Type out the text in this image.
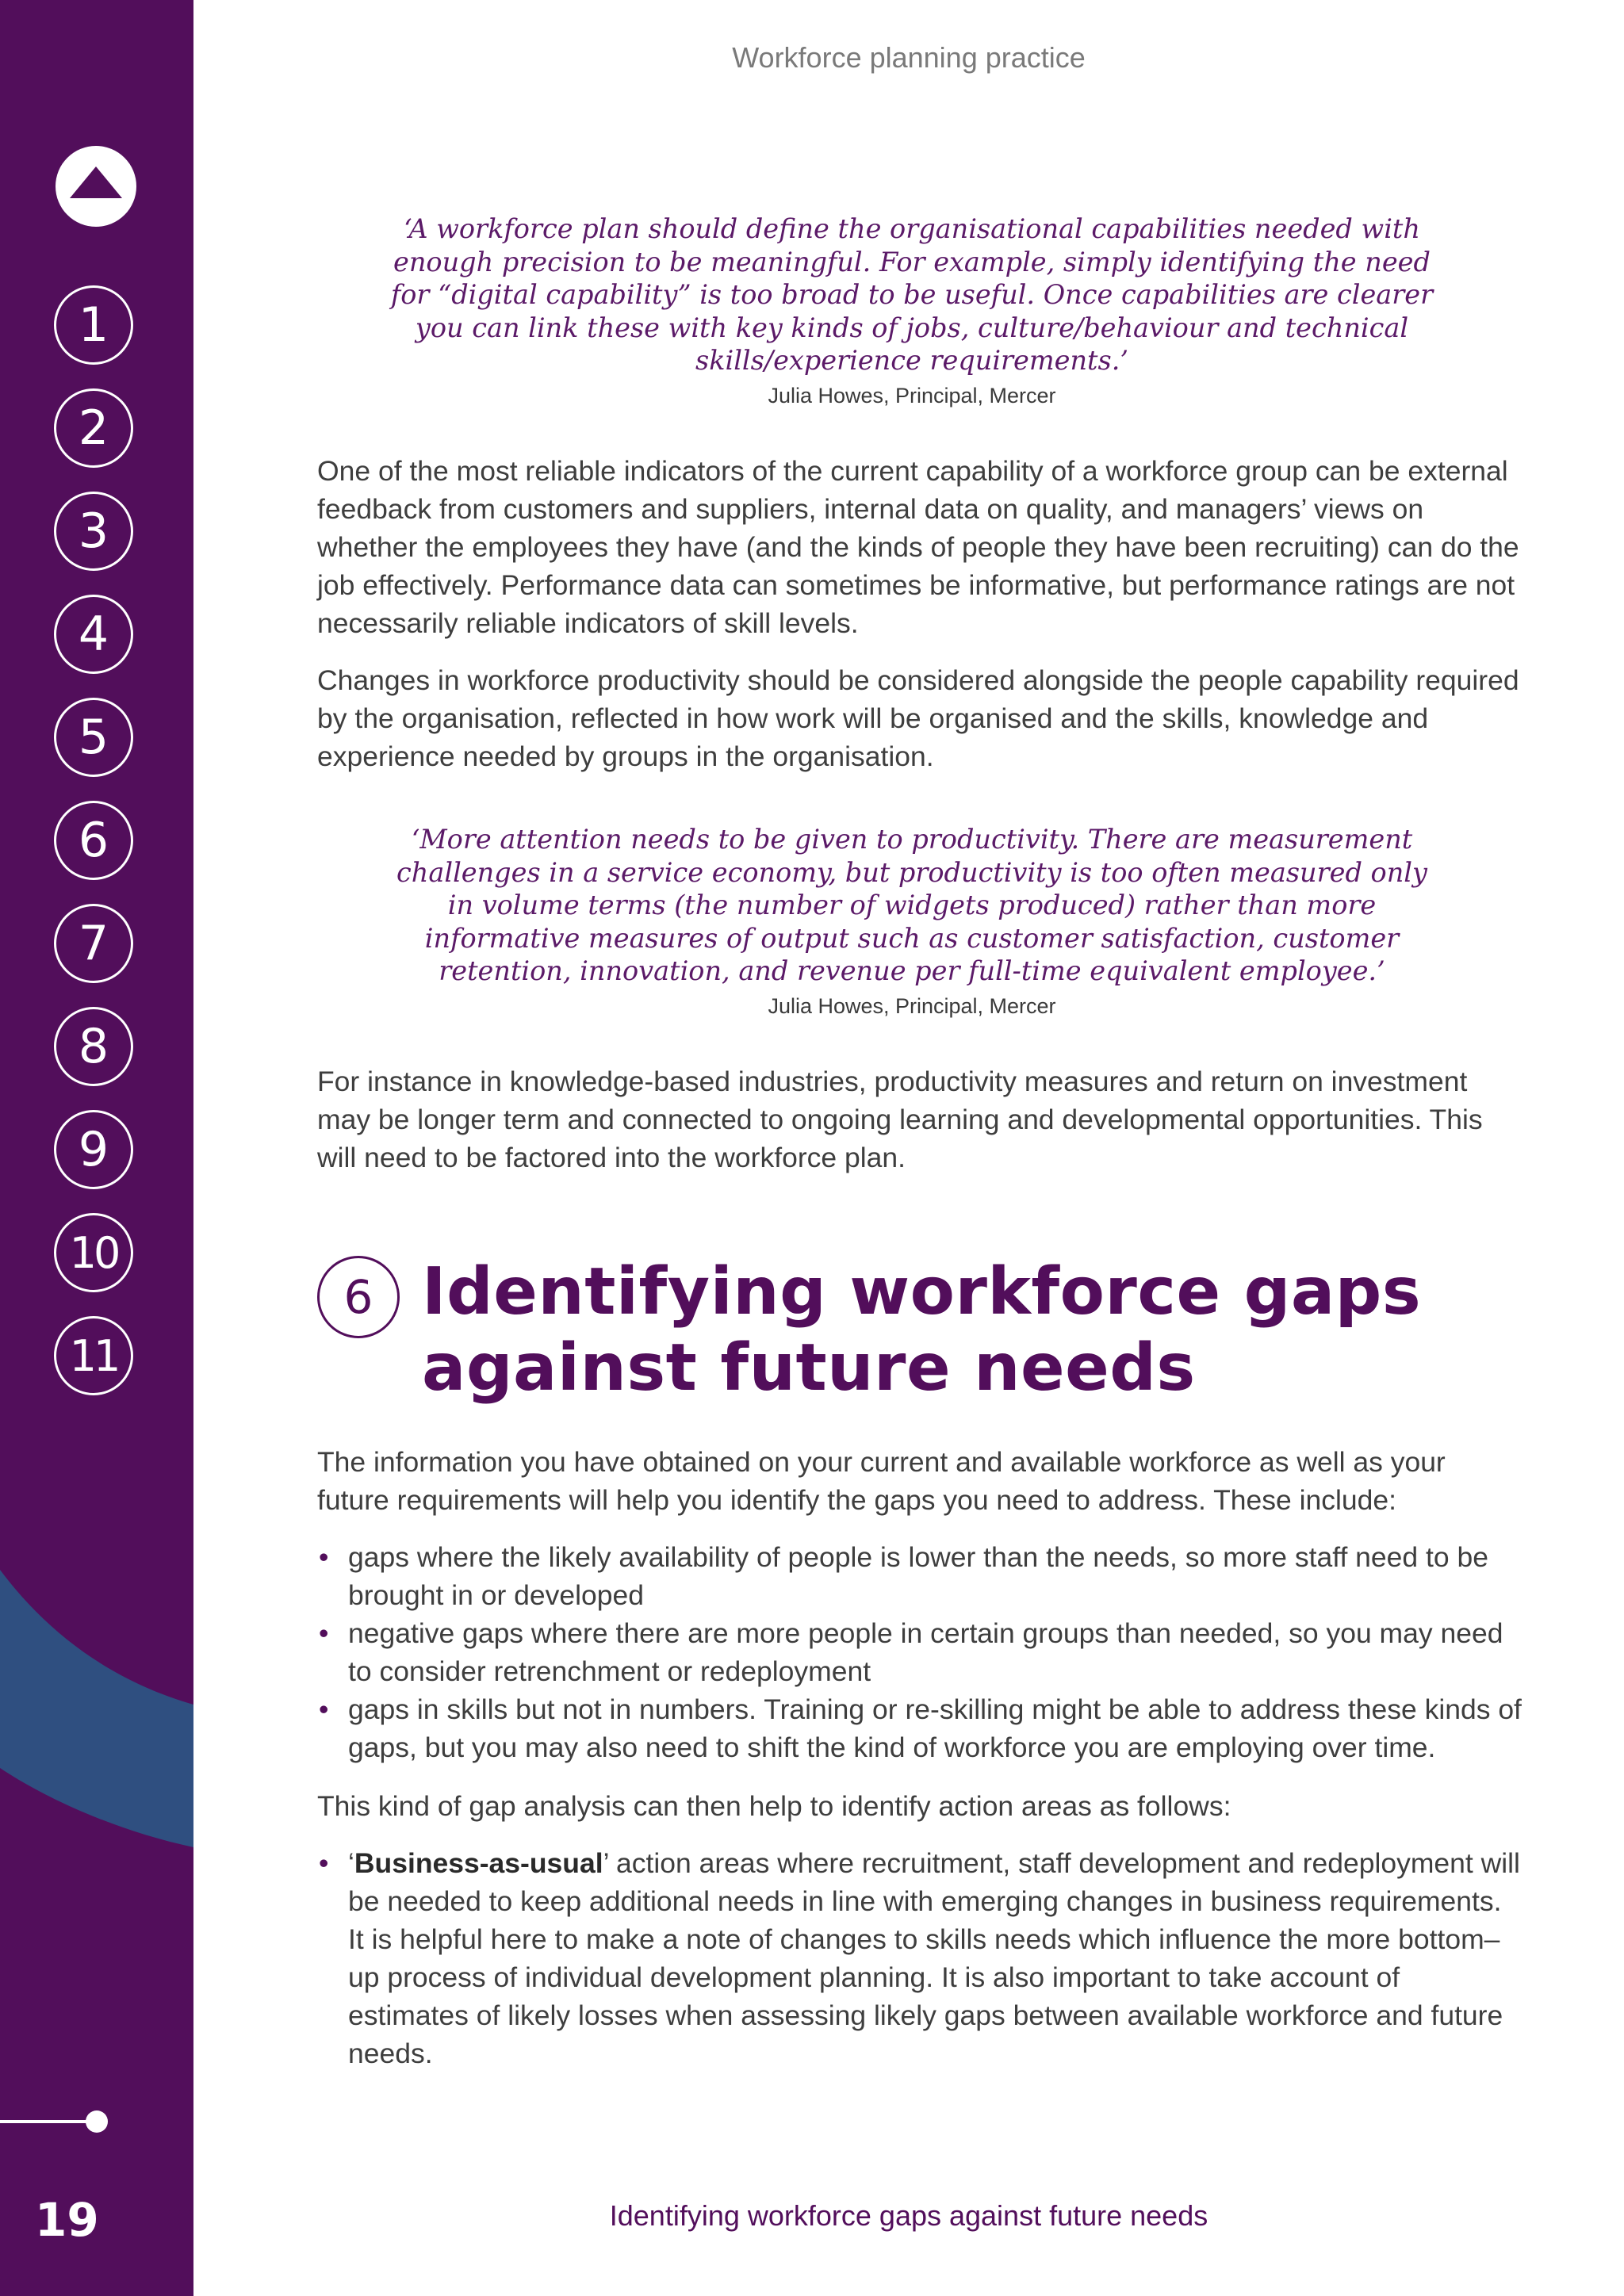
1
2
3
4
5
6
7
8
9
10
11
19
Workforce planning practice
‘A workforce plan should define the organisational capabilities needed with
enough precision to be meaningful. For example, simply identifying the need
for “digital capability” is too broad to be useful. Once capabilities are clearer
you can link these with key kinds of jobs, culture/behaviour and technical
skills/experience requirements.’
Julia Howes, Principal, Mercer

One of the most reliable indicators of the current capability of a workforce group can be external feedback from customers and suppliers, internal data on quality, and managers’ views on whether the employees they have (and the kinds of people they have been recruiting) can do the job effectively. Performance data can sometimes be informative, but performance ratings are not necessarily reliable indicators of skill levels.

Changes in workforce productivity should be considered alongside the people capability required by the organisation, reflected in how work will be organised and the skills, knowledge and experience needed by groups in the organisation.

‘More attention needs to be given to productivity. There are measurement
challenges in a service economy, but productivity is too often measured only
in volume terms (the number of widgets produced) rather than more
informative measures of output such as customer satisfaction, customer
retention, innovation, and revenue per full-time equivalent employee.’
Julia Howes, Principal, Mercer

For instance in knowledge-based industries, productivity measures and return on investment may be longer term and connected to ongoing learning and developmental opportunities. This will need to be factored into the workforce plan.

6 Identifying workforce gaps
against future needs

The information you have obtained on your current and available workforce as well as your future requirements will help you identify the gaps you need to address. These include:

• gaps where the likely availability of people is lower than the needs, so more staff need to be brought in or developed
• negative gaps where there are more people in certain groups than needed, so you may need to consider retrenchment or redeployment
• gaps in skills but not in numbers. Training or re-skilling might be able to address these kinds of gaps, but you may also need to shift the kind of workforce you are employing over time.

This kind of gap analysis can then help to identify action areas as follows:

• ‘Business-as-usual’ action areas where recruitment, staff development and redeployment will be needed to keep additional needs in line with emerging changes in business requirements. It is helpful here to make a note of changes to skills needs which influence the more bottom–up process of individual development planning. It is also important to take account of estimates of likely losses when assessing likely gaps between available workforce and future needs.
Identifying workforce gaps against future needs
